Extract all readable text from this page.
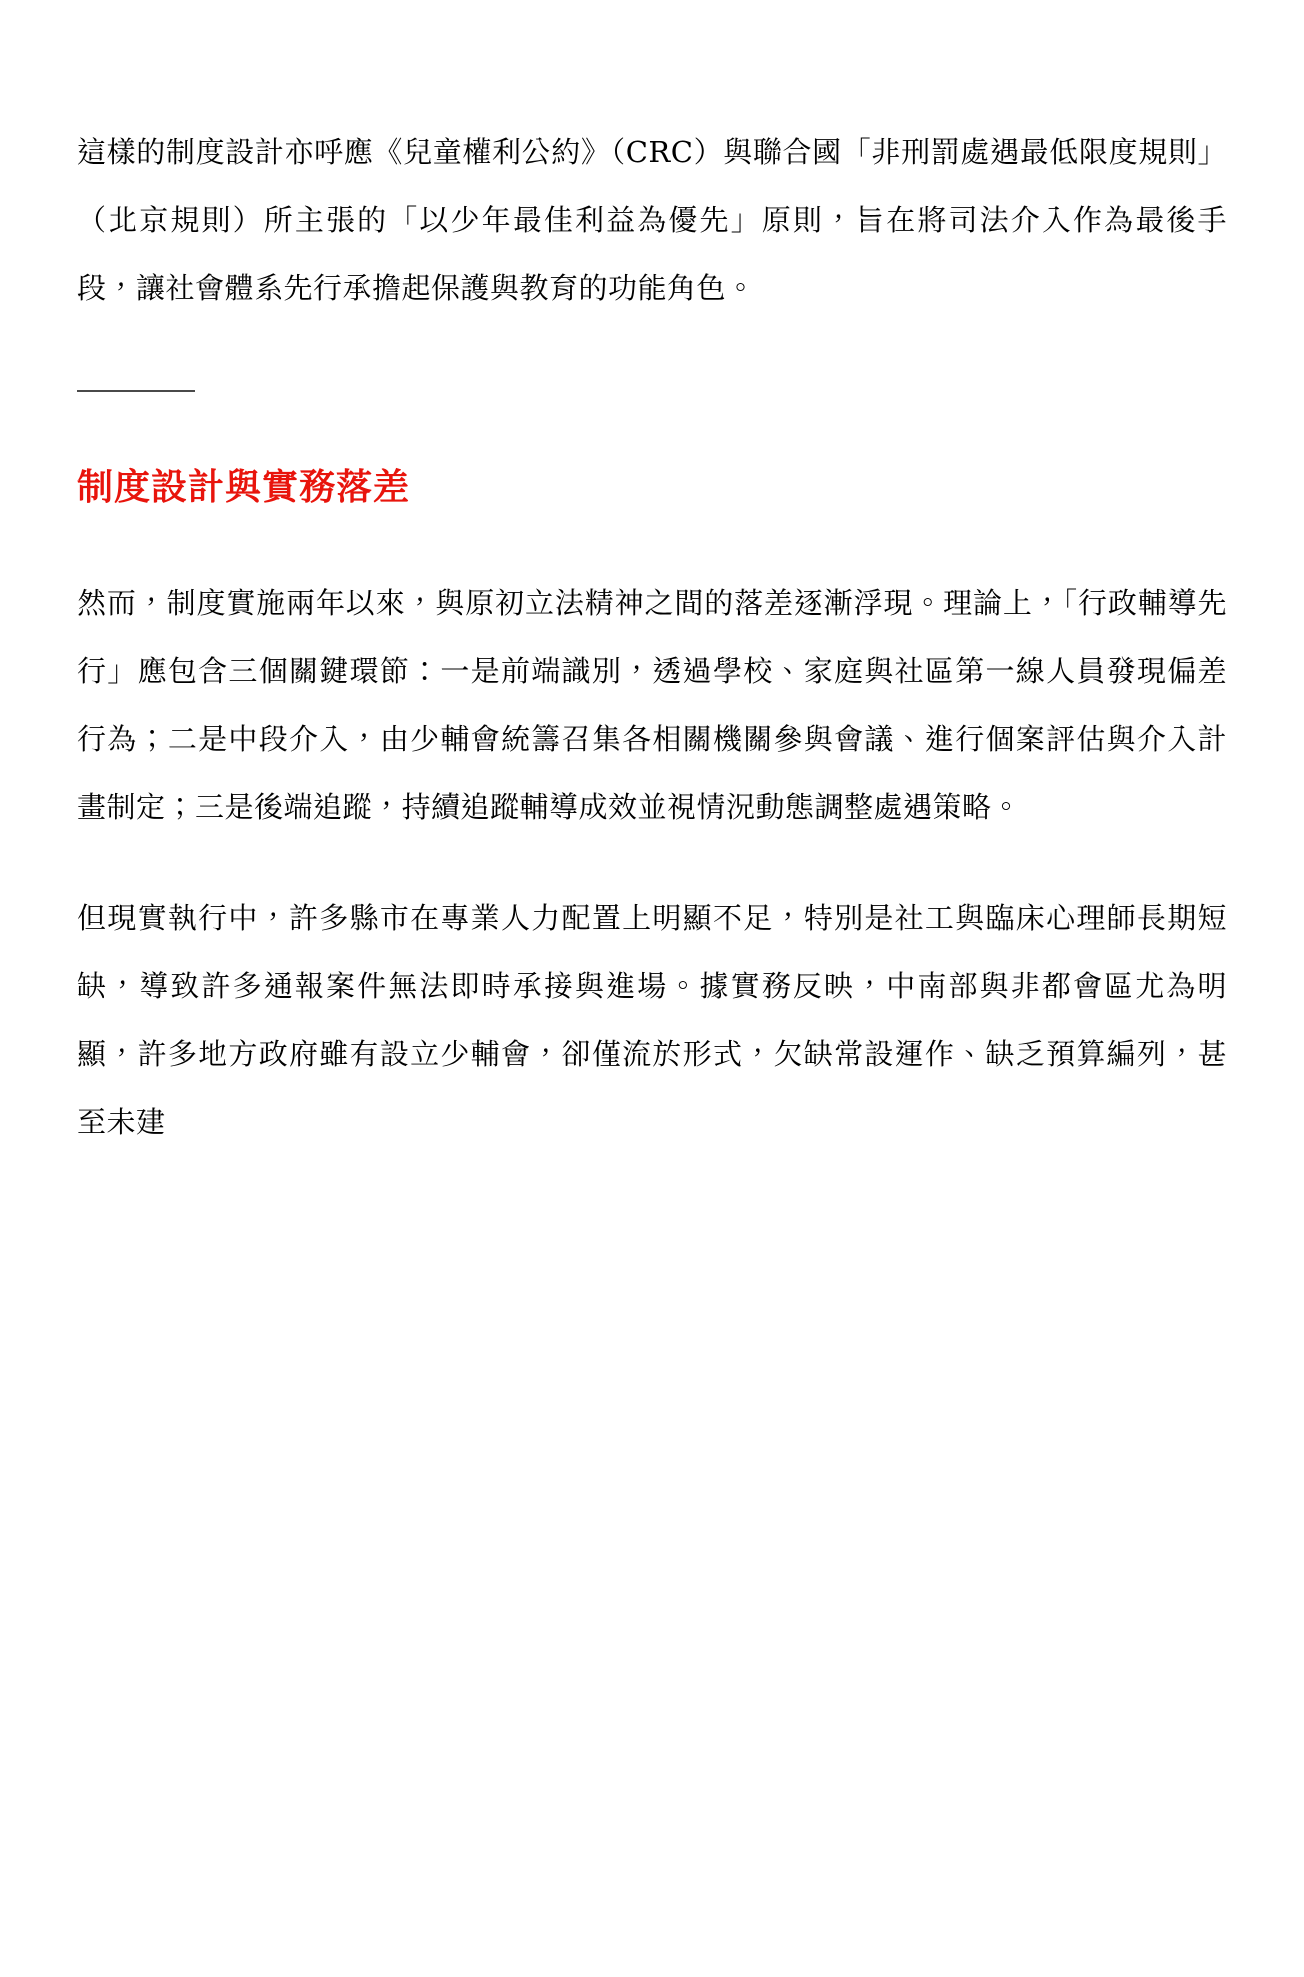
這樣的制度設計亦呼應《兒童權利公約》（CRC）與聯合國「非刑罰處遇最低限度規則」（北京規則）所主張的「以少年最佳利益為優先」原則，旨在將司法介入作為最後手段，讓社會體系先行承擔起保護與教育的功能角色。

制度設計與實務落差

然而，制度實施兩年以來，與原初立法精神之間的落差逐漸浮現。理論上，「行政輔導先行」應包含三個關鍵環節：一是前端識別，透過學校、家庭與社區第一線人員發現偏差行為；二是中段介入，由少輔會統籌召集各相關機關參與會議、進行個案評估與介入計畫制定；三是後端追蹤，持續追蹤輔導成效並視情況動態調整處遇策略。

但現實執行中，許多縣市在專業人力配置上明顯不足，特別是社工與臨床心理師長期短缺，導致許多通報案件無法即時承接與進場。據實務反映，中南部與非都會區尤為明顯，許多地方政府雖有設立少輔會，卻僅流於形式，欠缺常設運作、缺乏預算編列，甚至未建
